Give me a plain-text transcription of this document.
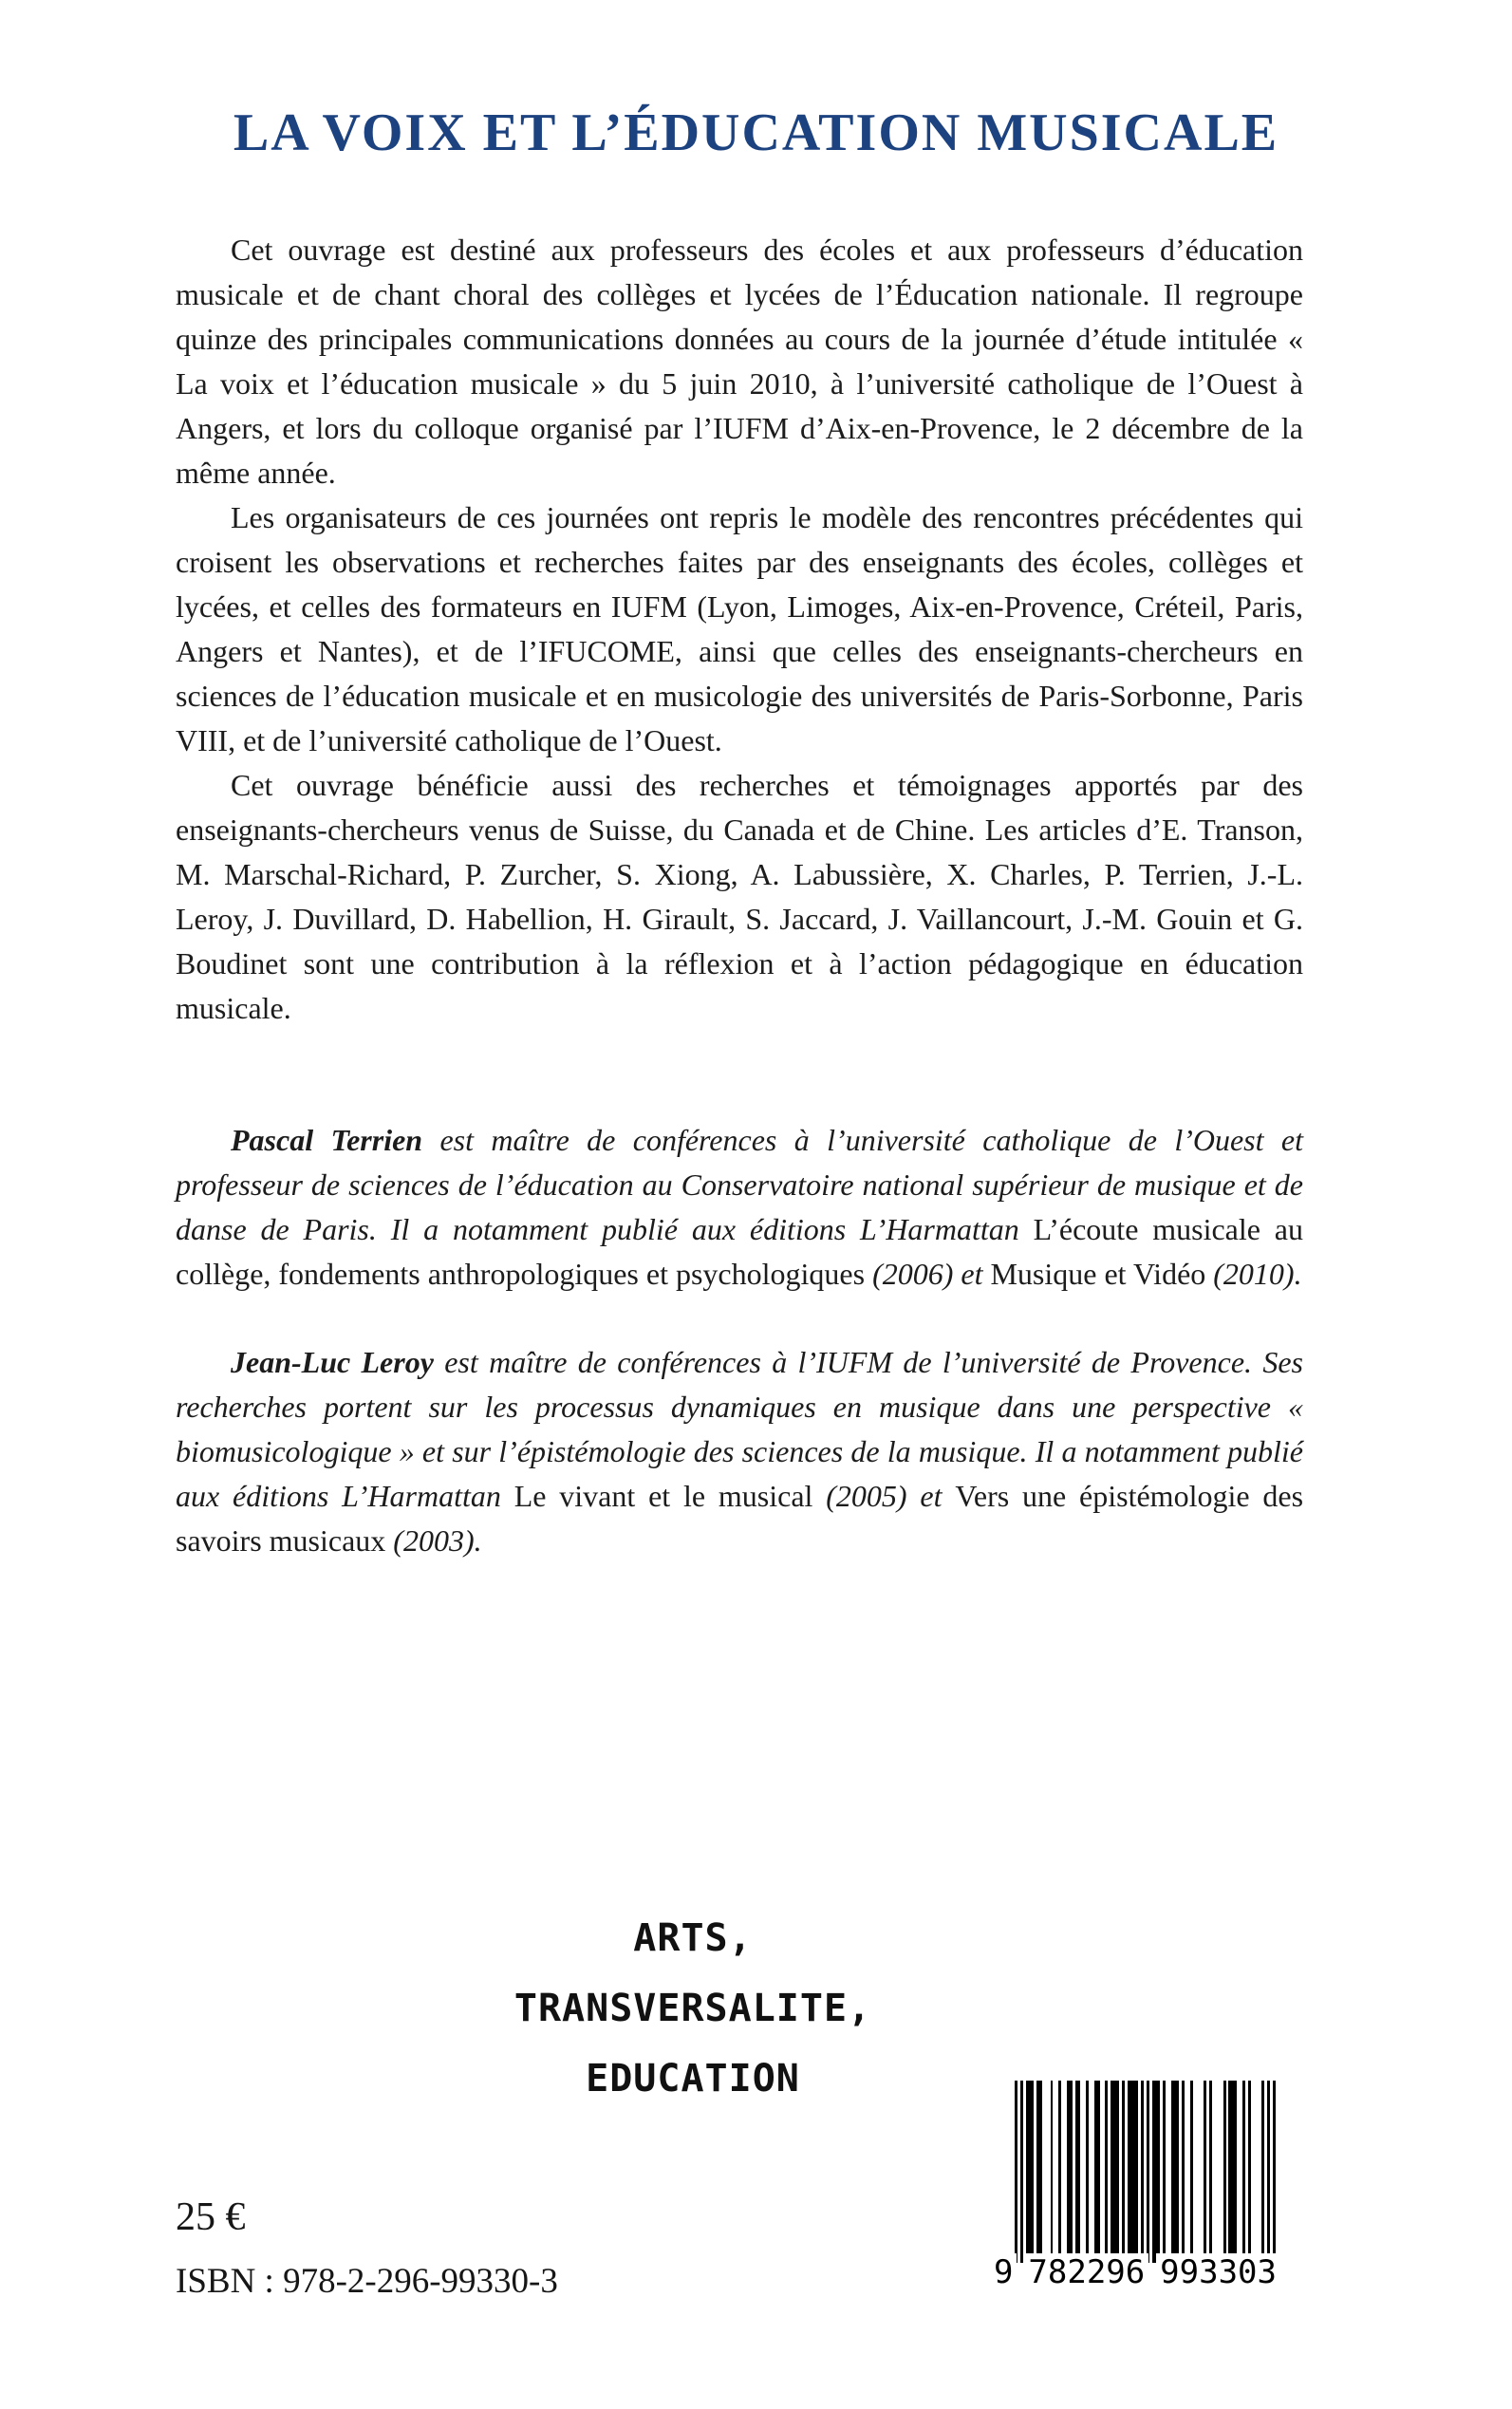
LA VOIX ET L’ÉDUCATION MUSICALE

Cet ouvrage est destiné aux professeurs des écoles et aux professeurs d’éducation musicale et de chant choral des collèges et lycées de l’Éducation nationale. Il regroupe quinze des principales communications données au cours de la journée d’étude intitulée « La voix et l’éducation musicale » du 5 juin 2010, à l’université catholique de l’Ouest à Angers, et lors du colloque organisé par l’IUFM d’Aix-en-Provence, le 2 décembre de la même année.

Les organisateurs de ces journées ont repris le modèle des rencontres précédentes qui croisent les observations et recherches faites par des enseignants des écoles, collèges et lycées, et celles des formateurs en IUFM (Lyon, Limoges, Aix-en-Provence, Créteil, Paris, Angers et Nantes), et de l’IFUCOME, ainsi que celles des enseignants-chercheurs en sciences de l’éducation musicale et en musicologie des universités de Paris-Sorbonne, Paris VIII, et de l’université catholique de l’Ouest.

Cet ouvrage bénéficie aussi des recherches et témoignages apportés par des enseignants-chercheurs venus de Suisse, du Canada et de Chine. Les articles d’E. Transon, M. Marschal-Richard, P. Zurcher, S. Xiong, A. Labussière, X. Charles, P. Terrien, J.-L. Leroy, J. Duvillard, D. Habellion, H. Girault, S. Jaccard, J. Vaillancourt, J.-M. Gouin et G. Boudinet sont une contribution à la réflexion et à l’action pédagogique en éducation musicale.

Pascal Terrien est maître de conférences à l’université catholique de l’Ouest et professeur de sciences de l’éducation au Conservatoire national supérieur de musique et de danse de Paris. Il a notamment publié aux éditions L’Harmattan L’écoute musicale au collège, fondements anthropologiques et psychologiques (2006) et Musique et Vidéo (2010).

Jean-Luc Leroy est maître de conférences à l’IUFM de l’université de Provence. Ses recherches portent sur les processus dynamiques en musique dans une perspective « biomusicologique » et sur l’épistémologie des sciences de la musique. Il a notamment publié aux éditions L’Harmattan Le vivant et le musical (2005) et Vers une épistémologie des savoirs musicaux (2003).

ARTS,
TRANSVERSALITE,
EDUCATION
25 €
ISBN : 978-2-296-99330-3	9 782296 993303
